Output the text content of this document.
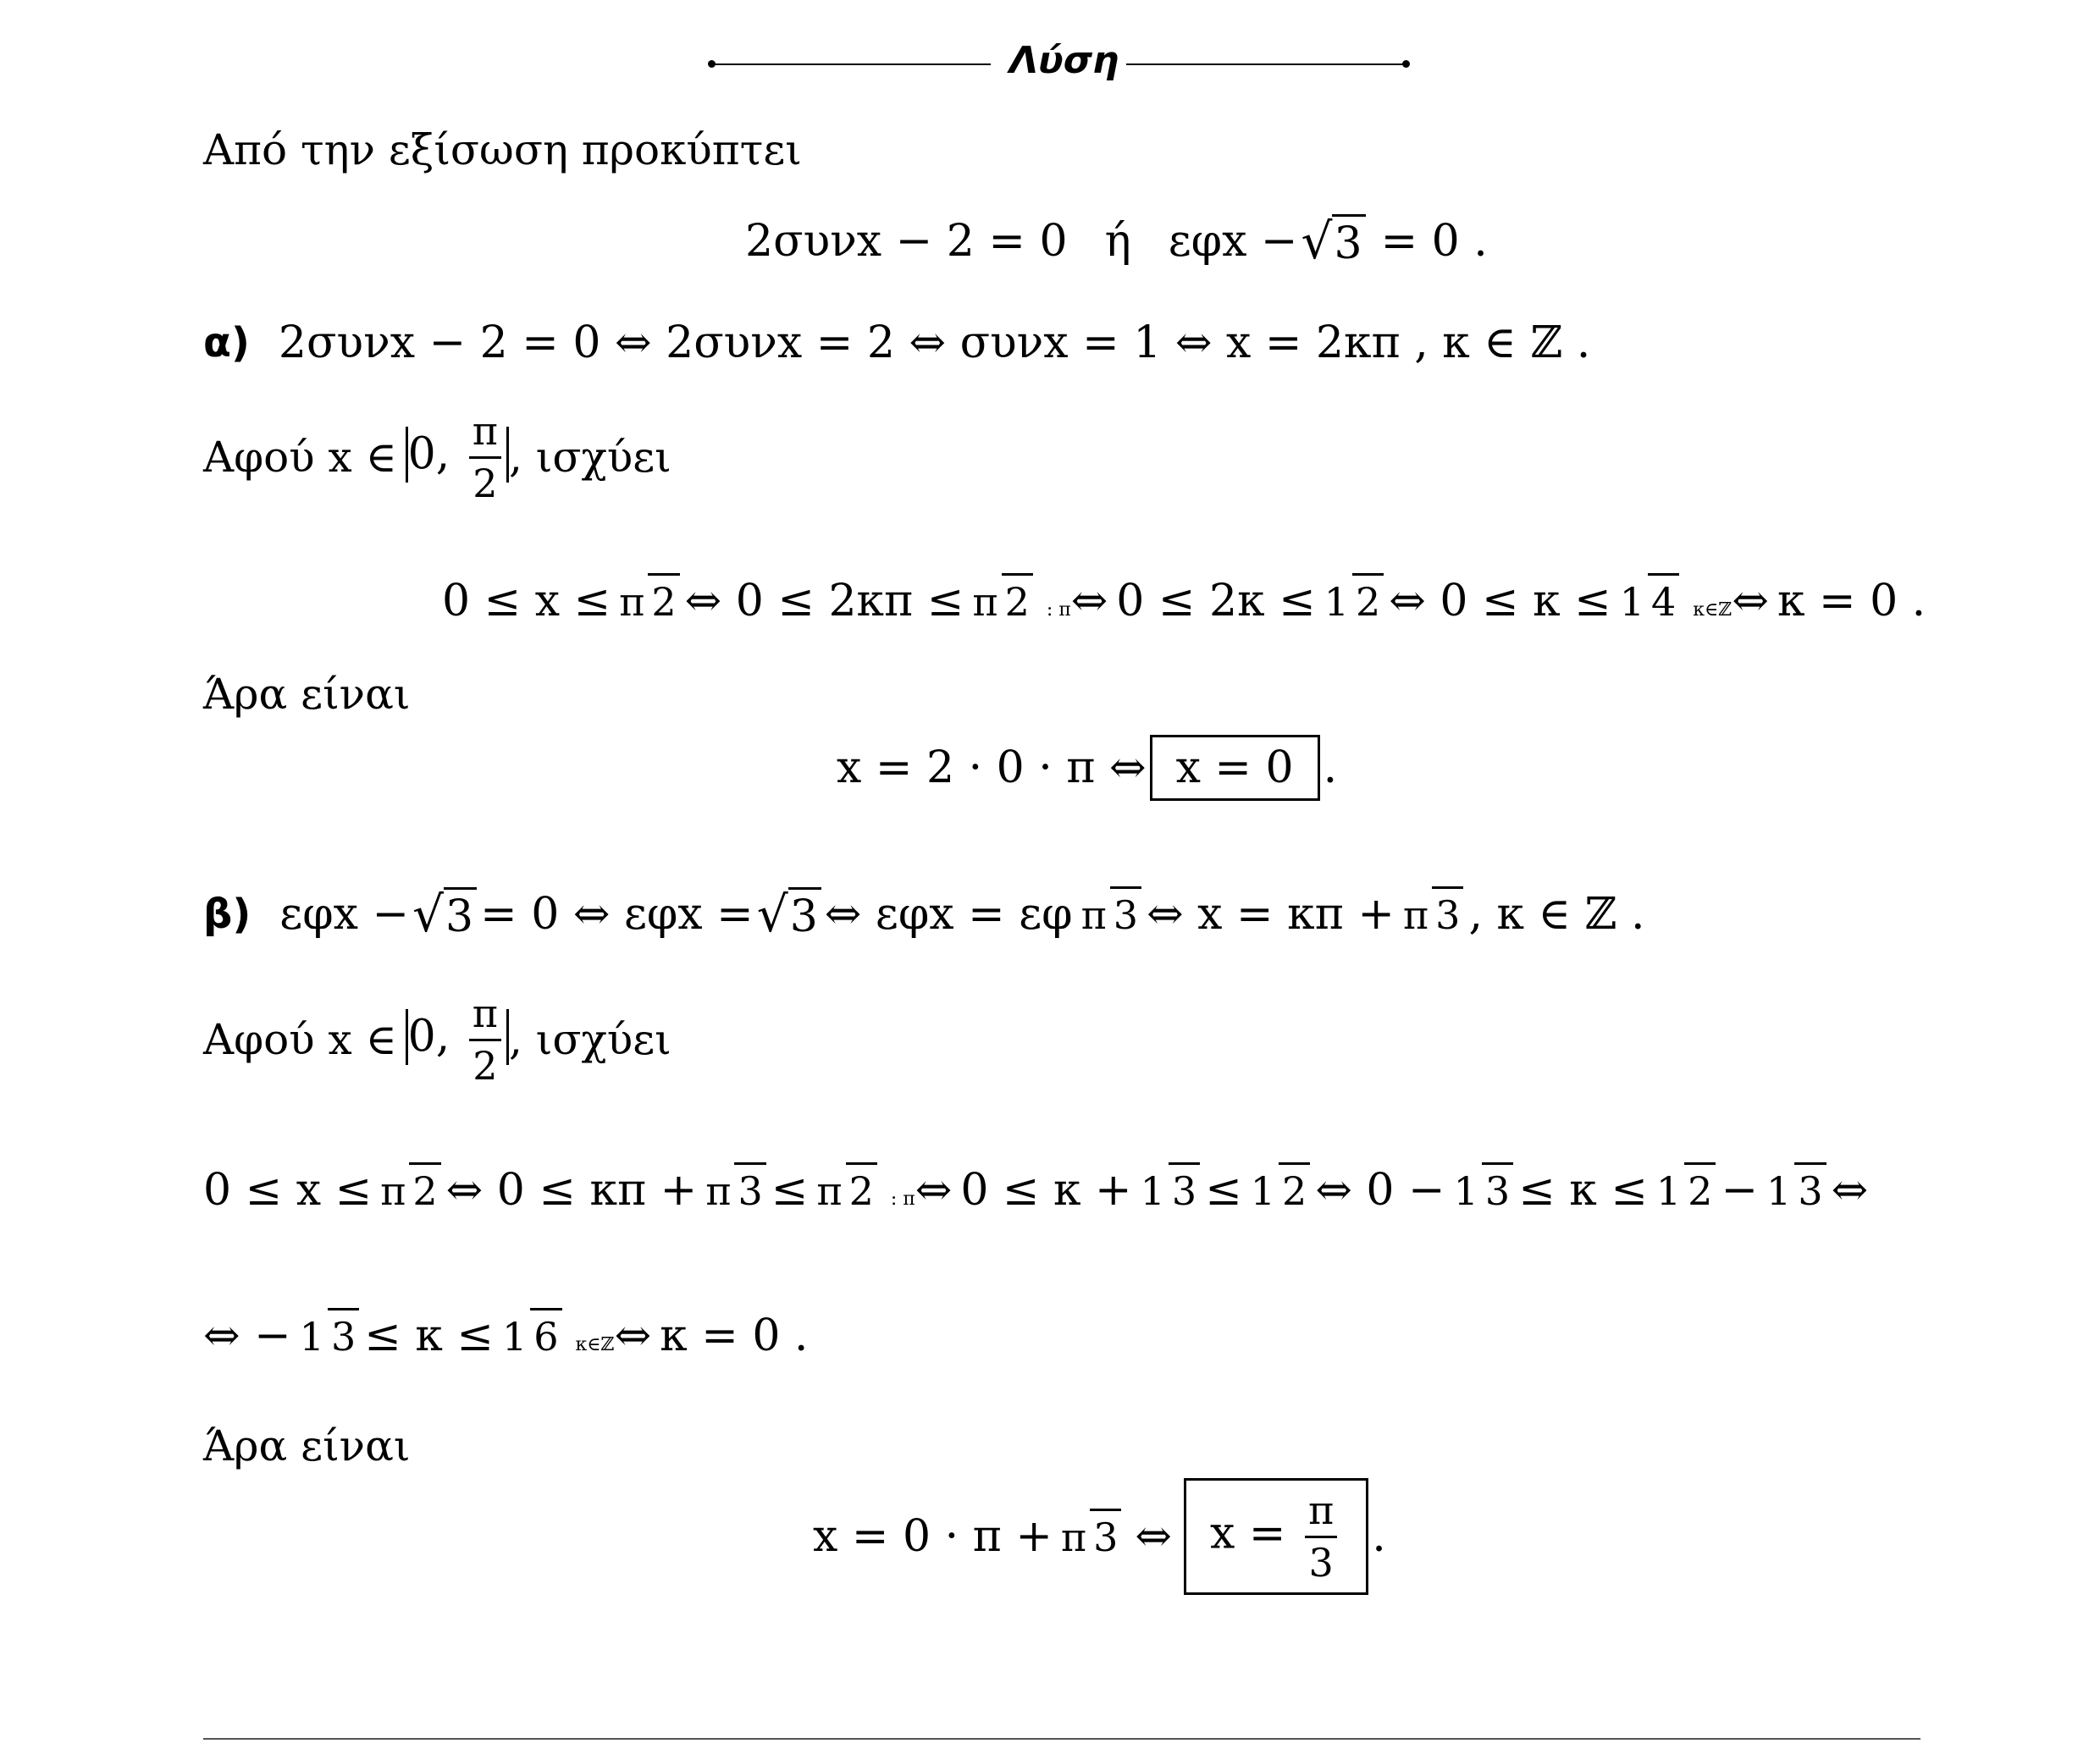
Λύση
Από την εξίσωση προκύπτει
2συνx − 2 = 0 ή εφx − √3 = 0 .
α) 2συνx − 2 = 0 ⇔ 2συνx = 2 ⇔ συνx = 1 ⇔ x = 2κπ , κ ∈ ℤ .
Αφού x ∈ 0, $\frac{\pi}{2}$ , ισχύει
0 ≤ x ≤ π 2 ⇔ 0 ≤ 2κπ ≤ π 2 : π⇔ 0 ≤ 2κ ≤ 1 2 ⇔ 0 ≤ κ ≤ 1 4 κ∈ℤ⇔ κ = 0 .
Άρα είναι
x = 2 · 0 · π ⇔ x = 0 .
β) εφx − √3 = 0 ⇔ εφx = √3 ⇔ εφx = εφ π 3 ⇔ x = κπ + π 3 , κ ∈ ℤ .
Αφού x ∈ 0, $\frac{\pi}{2}$ , ισχύει
0 ≤ x ≤ π 2 ⇔ 0 ≤ κπ + π 3 ≤ π 2 : π⇔ 0 ≤ κ + 1 3 ≤ 1 2 ⇔ 0 − 1 3 ≤ κ ≤ 1 2 − 1 3 ⇔
⇔ − 1 3 ≤ κ ≤ 1 6 κ∈ℤ⇔ κ = 0 .
Άρα είναι
x = 0 · π + π 3 ⇔ $x = \frac{\pi}{3}$ .
